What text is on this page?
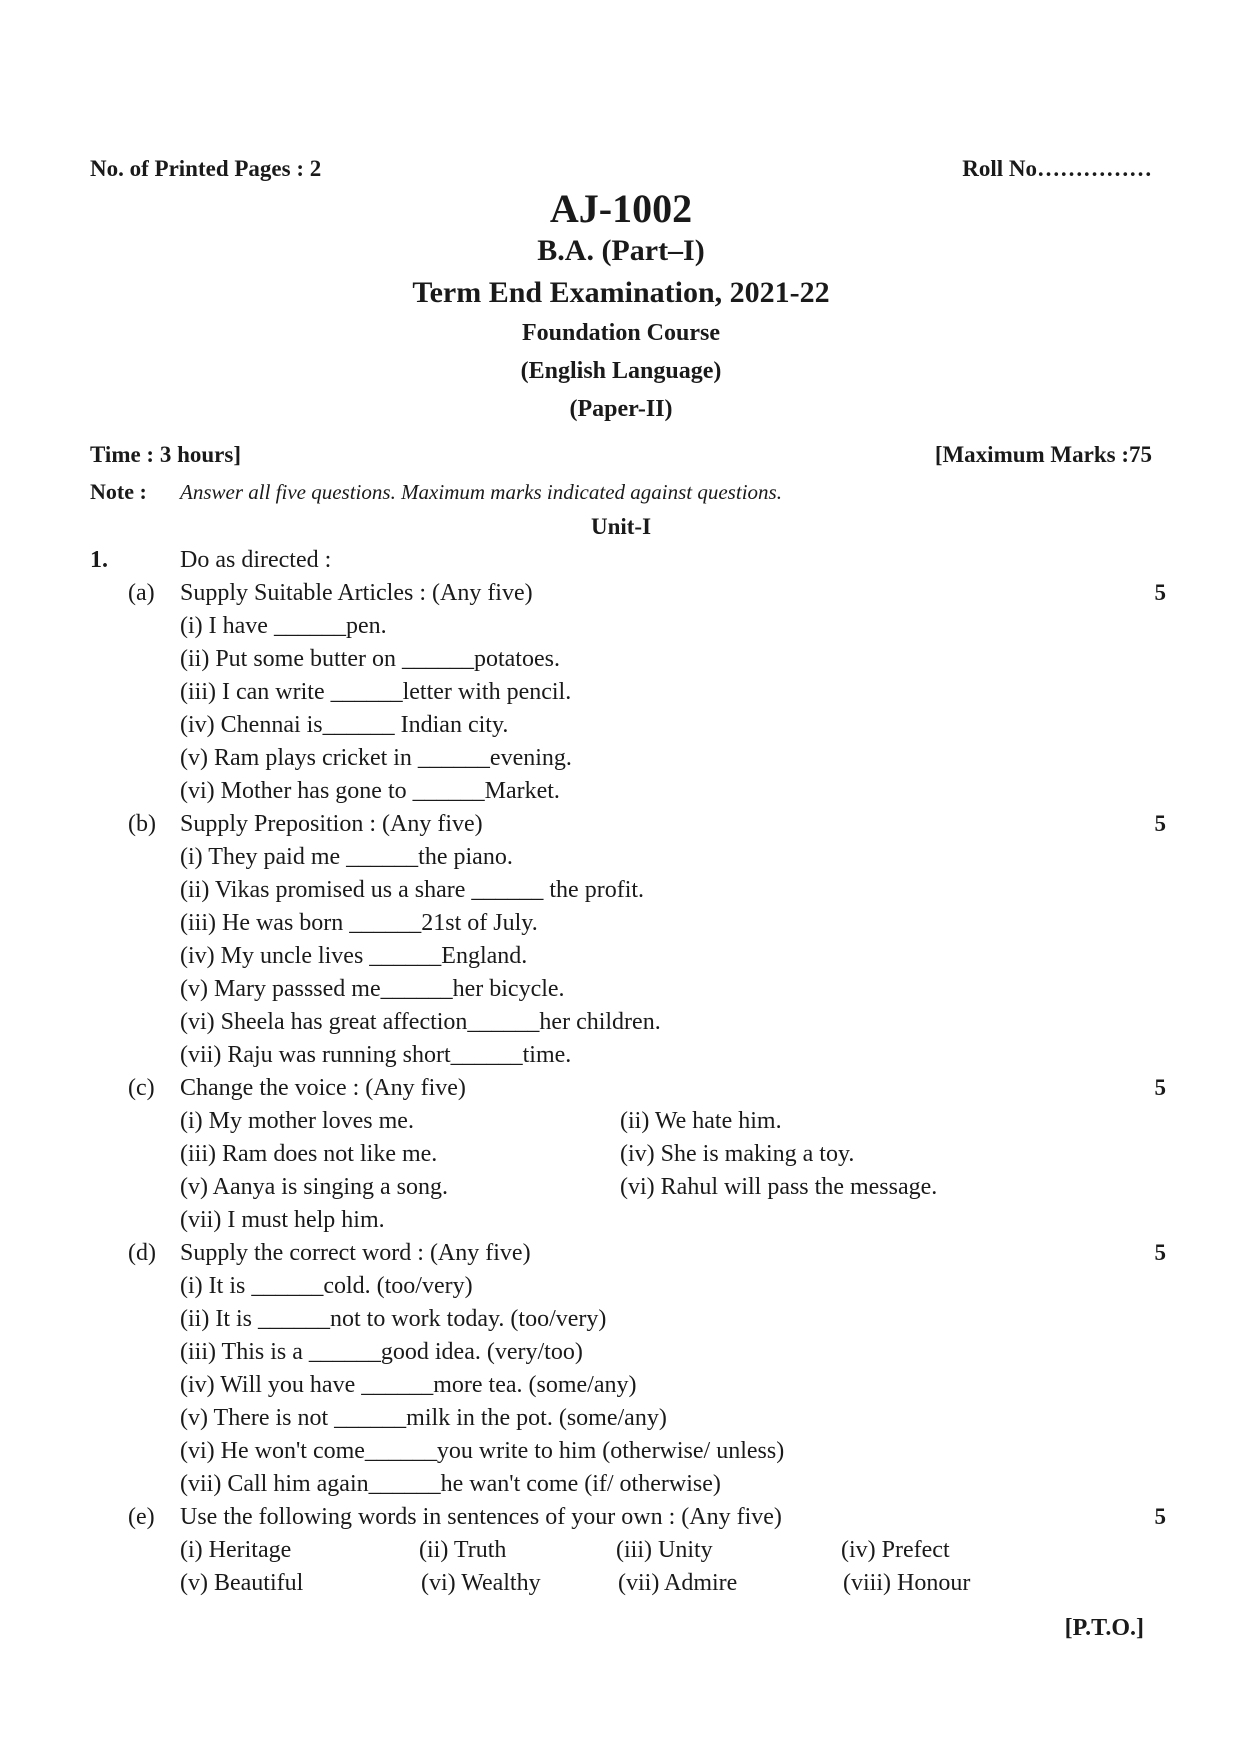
No. of Printed Pages : 2	Roll No……………
AJ-1002
B.A. (Part–I)
Term End Examination, 2021-22
Foundation Course
(English Language)
(Paper-II)
Time : 3 hours]	[Maximum Marks :75
Note : Answer all five questions. Maximum marks indicated against questions.
Unit-I
1.	Do as directed :
(a) Supply Suitable Articles : (Any five)	5
(i) I have ______pen.
(ii) Put some butter on ______potatoes.
(iii) I can write ______letter with pencil.
(iv) Chennai is______ Indian city.
(v) Ram plays cricket in ______evening.
(vi) Mother has gone to ______Market.
(b) Supply Preposition : (Any five)	5
(i) They paid me ______the piano.
(ii) Vikas promised us a share ______ the profit.
(iii) He was born ______21st of July.
(iv) My uncle lives ______England.
(v) Mary passsed me______her bicycle.
(vi) Sheela has great affection______her children.
(vii) Raju was running short______time.
(c) Change the voice : (Any five)	5
(i) My mother loves me.	(ii) We hate him.
(iii) Ram does not like me.	(iv) She is making a toy.
(v) Aanya is singing a song.	(vi) Rahul will pass the message.
(vii) I must help him.
(d) Supply the correct word : (Any five)	5
(i) It is ______cold. (too/very)
(ii) It is ______not to work today. (too/very)
(iii) This is a ______good idea. (very/too)
(iv) Will you have ______more tea. (some/any)
(v) There is not ______milk in the pot. (some/any)
(vi) He won't come______you write to him (otherwise/ unless)
(vii) Call him again______he wan't come (if/ otherwise)
(e) Use the following words in sentences of your own : (Any five)	5
(i) Heritage	(ii) Truth	(iii) Unity	(iv) Prefect
(v) Beautiful	(vi) Wealthy	(vii) Admire	(viii) Honour
[P.T.O.]
